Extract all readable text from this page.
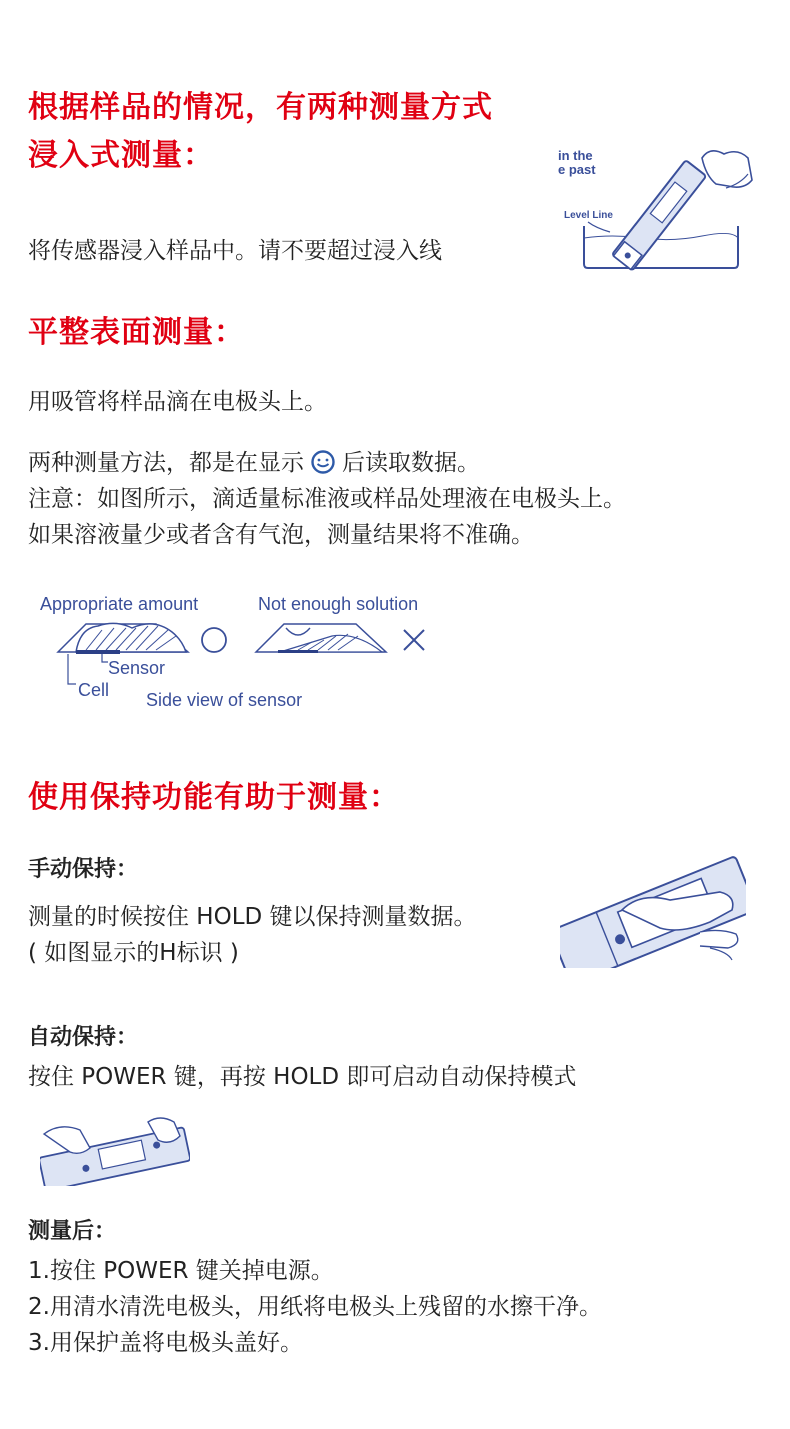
根据样品的情况，有两种测量方式
浸入式测量：
将传感器浸入样品中。请不要超过浸入线
in the
e past
Level Line
平整表面测量：
用吸管将样品滴在电极头上。
两种测量方法，都是在显示 后读取数据。
注意：如图所示，滴适量标准液或样品处理液在电极头上。
如果溶液量少或者含有气泡，测量结果将不准确。
Appropriate amount	Not enough solution
Sensor
Cell Side view of sensor
使用保持功能有助于测量：
手动保持：
测量的时候按住 HOLD 键以保持测量数据。
( 如图显示的H标识 )
自动保持：
按住 POWER 键，再按 HOLD 即可启动自动保持模式
测量后：
1.按住 POWER 键关掉电源。
2.用清水清洗电极头，用纸将电极头上残留的水擦干净。
3.用保护盖将电极头盖好。
